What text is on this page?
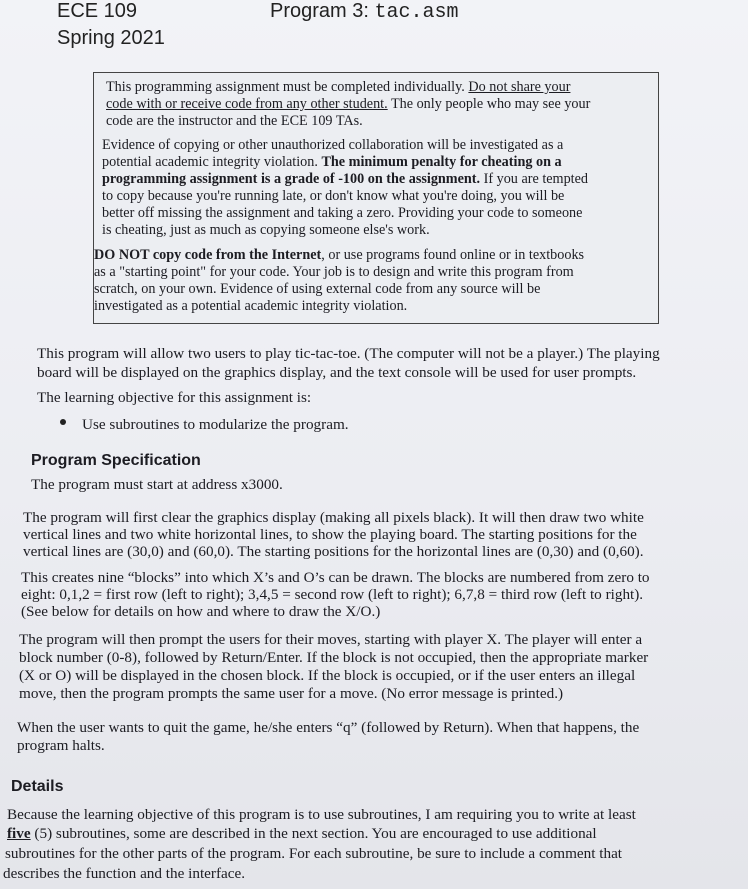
ECE 109
Spring 2021
Program 3: tac.asm

This programming assignment must be completed individually. Do not share your

code with or receive code from any other student. The only people who may see your

code are the instructor and the ECE 109 TAs.

Evidence of copying or other unauthorized collaboration will be investigated as a

potential academic integrity violation. The minimum penalty for cheating on a

programming assignment is a grade of -100 on the assignment. If you are tempted

to copy because you're running late, or don't know what you're doing, you will be

better off missing the assignment and taking a zero. Providing your code to someone

is cheating, just as much as copying someone else's work.

DO NOT copy code from the Internet, or use programs found online or in textbooks

as a "starting point" for your code. Your job is to design and write this program from

scratch, on your own. Evidence of using external code from any source will be

investigated as a potential academic integrity violation.

This program will allow two users to play tic-tac-toe. (The computer will not be a player.) The playing

board will be displayed on the graphics display, and the text console will be used for user prompts.

The learning objective for this assignment is:

Use subroutines to modularize the program.

Program Specification

The program must start at address x3000.

The program will first clear the graphics display (making all pixels black). It will then draw two white

vertical lines and two white horizontal lines, to show the playing board. The starting positions for the

vertical lines are (30,0) and (60,0). The starting positions for the horizontal lines are (0,30) and (0,60).

This creates nine “blocks” into which X’s and O’s can be drawn. The blocks are numbered from zero to

eight: 0,1,2 = first row (left to right); 3,4,5 = second row (left to right); 6,7,8 = third row (left to right).

(See below for details on how and where to draw the X/O.)

The program will then prompt the users for their moves, starting with player X. The player will enter a

block number (0-8), followed by Return/Enter. If the block is not occupied, then the appropriate marker

(X or O) will be displayed in the chosen block. If the block is occupied, or if the user enters an illegal

move, then the program prompts the same user for a move. (No error message is printed.)

When the user wants to quit the game, he/she enters “q” (followed by Return). When that happens, the

program halts.

Details

Because the learning objective of this program is to use subroutines, I am requiring you to write at least

five (5) subroutines, some are described in the next section. You are encouraged to use additional

subroutines for the other parts of the program. For each subroutine, be sure to include a comment that

describes the function and the interface.
